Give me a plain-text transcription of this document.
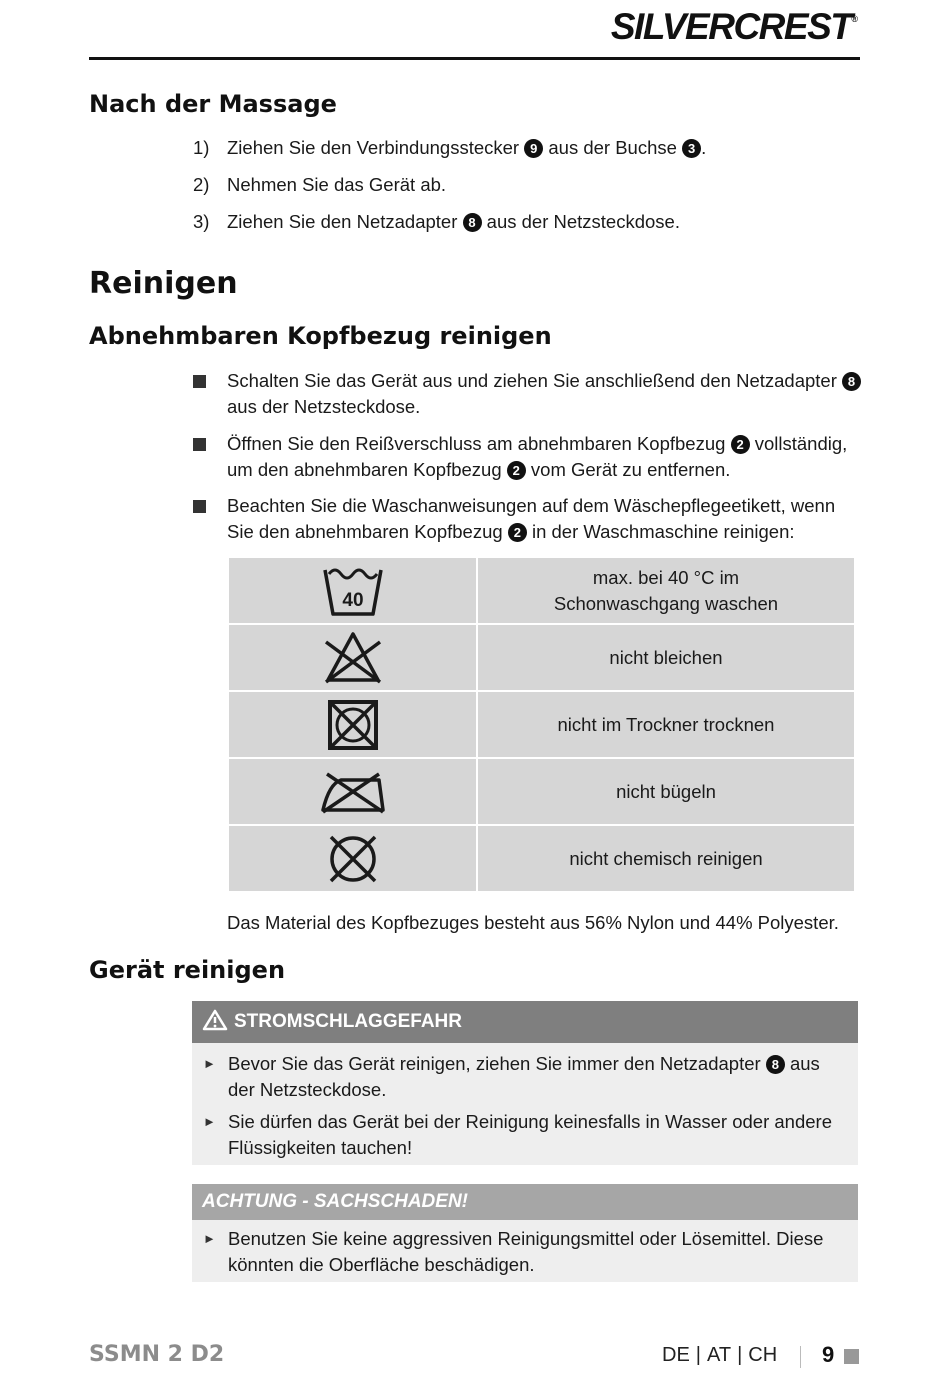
SILVERCREST®
Nach der Massage
1) Ziehen Sie den Verbindungsstecker 9 aus der Buchse 3 .
2) Nehmen Sie das Gerät ab.
3) Ziehen Sie den Netzadapter 8 aus der Netzsteckdose.
Reinigen
Abnehmbaren Kopfbezug reinigen
Schalten Sie das Gerät aus und ziehen Sie anschließend den Netzadapter 8
aus der Netzsteckdose.
Öffnen Sie den Reißverschluss am abnehmbaren Kopfbezug 2 vollständig, um den abnehmbaren Kopfbezug 2 vom Gerät zu entfernen.
Beachten Sie die Waschanweisungen auf dem Wäschepflegeetikett, wenn Sie den abnehmbaren Kopfbezug 2 in der Waschmaschine reinigen:
40	max. bei 40 °C im
Schonwaschgang waschen

	nicht bleichen

	nicht im Trockner trocknen

	nicht bügeln

	nicht chemisch reinigen
Das Material des Kopfbezuges besteht aus 56% Nylon und 44% Polyester.
Gerät reinigen
STROMSCHLAGGEFAHR
► Bevor Sie das Gerät reinigen, ziehen Sie immer den Netzadapter 8 aus der Netzsteckdose.
► Sie dürfen das Gerät bei der Reinigung keinesfalls in Wasser oder andere Flüssigkeiten tauchen!
ACHTUNG - SACHSCHADEN!
► Benutzen Sie keine aggressiven Reinigungsmittel oder Lösemittel. Diese könnten die Oberfläche beschädigen.
SSMN 2 D2	DE | AT | CH 9
